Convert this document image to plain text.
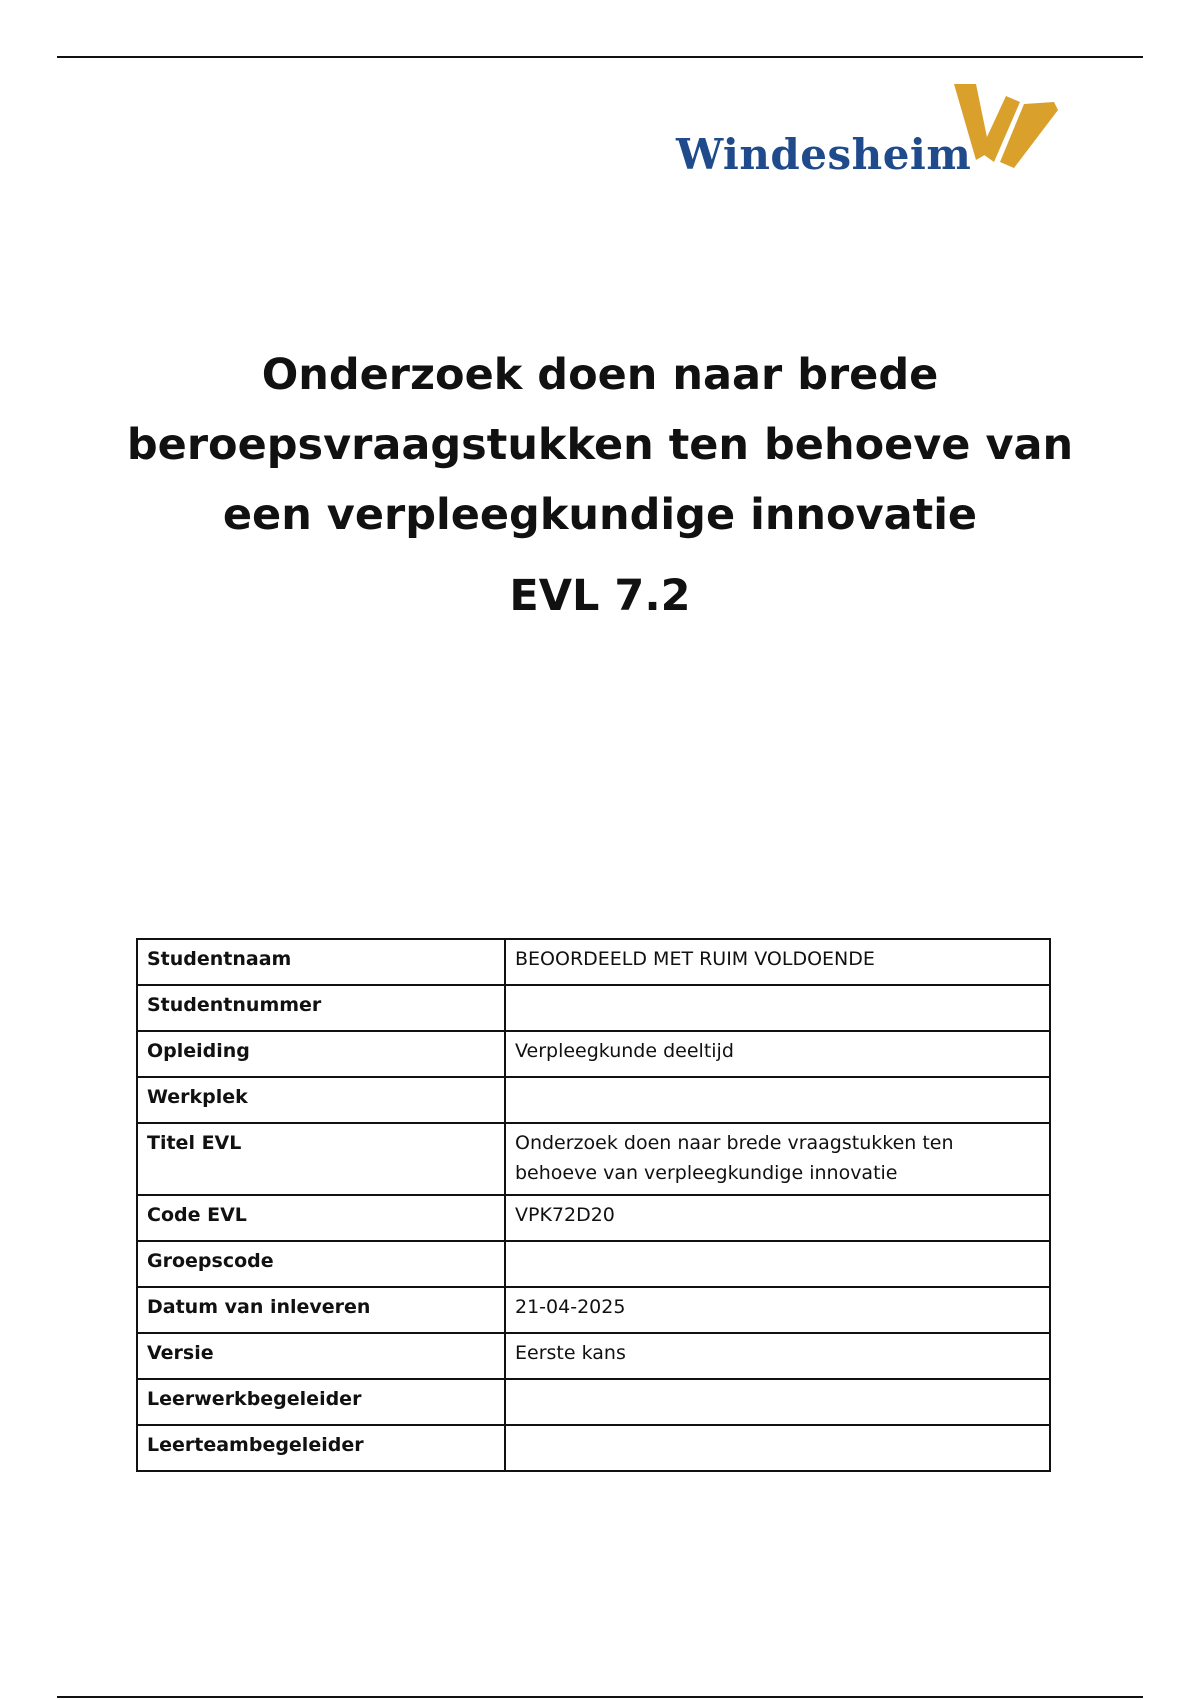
Windesheim
Onderzoek doen naar brede
beroepsvraagstukken ten behoeve van
een verpleegkundige innovatie
EVL 7.2
Studentnaam	BEOORDEELD MET RUIM VOLDOENDE
Studentnummer	
Opleiding	Verpleegkunde deeltijd
Werkplek	
Titel EVL	Onderzoek doen naar brede vraagstukken ten behoeve van verpleegkundige innovatie
Code EVL	VPK72D20
Groepscode	
Datum van inleveren	21-04-2025
Versie	Eerste kans
Leerwerkbegeleider	
Leerteambegeleider	
